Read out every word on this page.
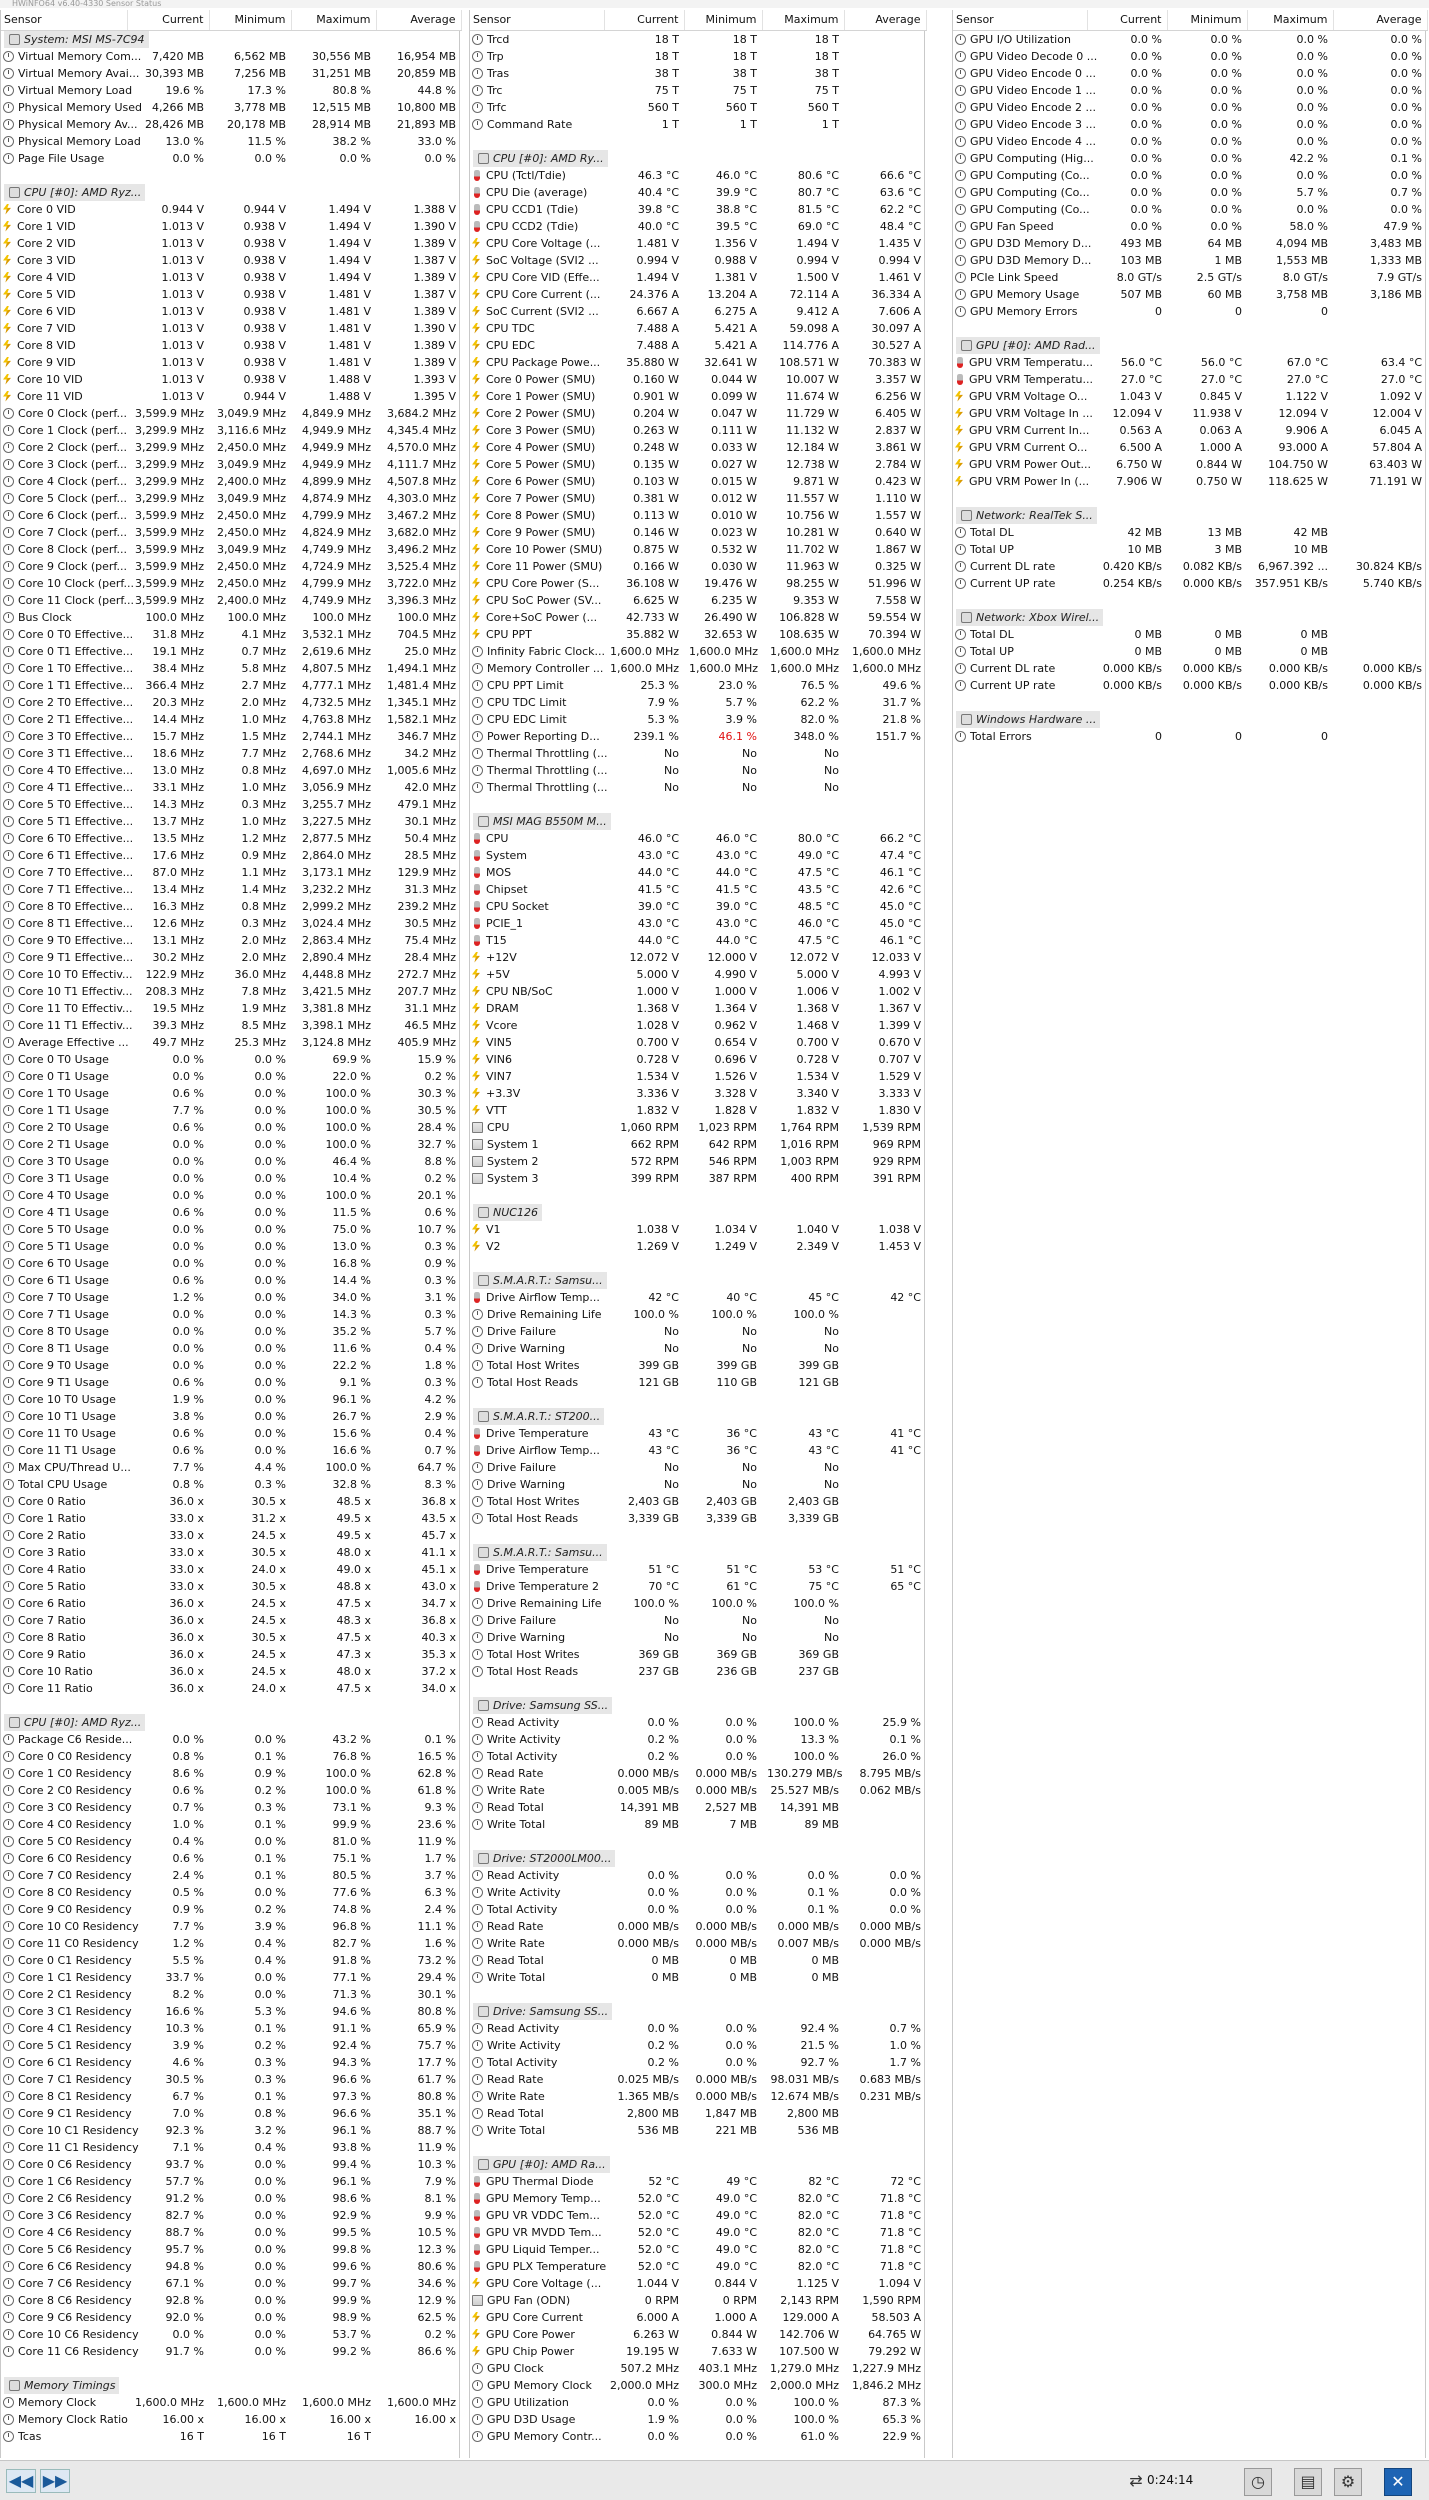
HWiNFO64 v6.40-4330 Sensor Status
Sensor	Current	Minimum	Maximum	Average
System: MSI MS-7C94				
Virtual Memory Com...	7,420 MB	6,562 MB	30,556 MB	16,954 MB
Virtual Memory Avai...	30,393 MB	7,256 MB	31,251 MB	20,859 MB
Virtual Memory Load	19.6 %	17.3 %	80.8 %	44.8 %
Physical Memory Used	4,266 MB	3,778 MB	12,515 MB	10,800 MB
Physical Memory Av...	28,426 MB	20,178 MB	28,914 MB	21,893 MB
Physical Memory Load	13.0 %	11.5 %	38.2 %	33.0 %
Page File Usage	0.0 %	0.0 %	0.0 %	0.0 %

CPU [#0]: AMD Ryz...				
Core 0 VID	0.944 V	0.944 V	1.494 V	1.388 V
Core 1 VID	1.013 V	0.938 V	1.494 V	1.390 V
Core 2 VID	1.013 V	0.938 V	1.494 V	1.389 V
Core 3 VID	1.013 V	0.938 V	1.494 V	1.387 V
Core 4 VID	1.013 V	0.938 V	1.494 V	1.389 V
Core 5 VID	1.013 V	0.938 V	1.481 V	1.387 V
Core 6 VID	1.013 V	0.938 V	1.481 V	1.389 V
Core 7 VID	1.013 V	0.938 V	1.481 V	1.390 V
Core 8 VID	1.013 V	0.938 V	1.481 V	1.389 V
Core 9 VID	1.013 V	0.938 V	1.481 V	1.389 V
Core 10 VID	1.013 V	0.938 V	1.488 V	1.393 V
Core 11 VID	1.013 V	0.944 V	1.488 V	1.395 V
Core 0 Clock (perf...	3,599.9 MHz	3,049.9 MHz	4,849.9 MHz	3,684.2 MHz
Core 1 Clock (perf...	3,299.9 MHz	3,116.6 MHz	4,949.9 MHz	4,345.4 MHz
Core 2 Clock (perf...	3,299.9 MHz	2,450.0 MHz	4,949.9 MHz	4,570.0 MHz
Core 3 Clock (perf...	3,299.9 MHz	3,049.9 MHz	4,949.9 MHz	4,111.7 MHz
Core 4 Clock (perf...	3,299.9 MHz	2,400.0 MHz	4,899.9 MHz	4,507.8 MHz
Core 5 Clock (perf...	3,299.9 MHz	3,049.9 MHz	4,874.9 MHz	4,303.0 MHz
Core 6 Clock (perf...	3,599.9 MHz	2,450.0 MHz	4,799.9 MHz	3,467.2 MHz
Core 7 Clock (perf...	3,599.9 MHz	2,450.0 MHz	4,824.9 MHz	3,682.0 MHz
Core 8 Clock (perf...	3,599.9 MHz	3,049.9 MHz	4,749.9 MHz	3,496.2 MHz
Core 9 Clock (perf...	3,599.9 MHz	2,450.0 MHz	4,724.9 MHz	3,525.4 MHz
Core 10 Clock (perf...	3,599.9 MHz	2,450.0 MHz	4,799.9 MHz	3,722.0 MHz
Core 11 Clock (perf...	3,599.9 MHz	2,400.0 MHz	4,749.9 MHz	3,396.3 MHz
Bus Clock	100.0 MHz	100.0 MHz	100.0 MHz	100.0 MHz
Core 0 T0 Effective...	31.8 MHz	4.1 MHz	3,532.1 MHz	704.5 MHz
Core 0 T1 Effective...	19.1 MHz	0.7 MHz	2,619.6 MHz	25.0 MHz
Core 1 T0 Effective...	38.4 MHz	5.8 MHz	4,807.5 MHz	1,494.1 MHz
Core 1 T1 Effective...	366.4 MHz	2.7 MHz	4,777.1 MHz	1,481.4 MHz
Core 2 T0 Effective...	20.3 MHz	2.0 MHz	4,732.5 MHz	1,345.1 MHz
Core 2 T1 Effective...	14.4 MHz	1.0 MHz	4,763.8 MHz	1,582.1 MHz
Core 3 T0 Effective...	15.7 MHz	1.5 MHz	2,744.1 MHz	346.7 MHz
Core 3 T1 Effective...	18.6 MHz	7.7 MHz	2,768.6 MHz	34.2 MHz
Core 4 T0 Effective...	13.0 MHz	0.8 MHz	4,697.0 MHz	1,005.6 MHz
Core 4 T1 Effective...	33.1 MHz	1.0 MHz	3,056.9 MHz	42.0 MHz
Core 5 T0 Effective...	14.3 MHz	0.3 MHz	3,255.7 MHz	479.1 MHz
Core 5 T1 Effective...	13.7 MHz	1.0 MHz	3,227.5 MHz	30.1 MHz
Core 6 T0 Effective...	13.5 MHz	1.2 MHz	2,877.5 MHz	50.4 MHz
Core 6 T1 Effective...	17.6 MHz	0.9 MHz	2,864.0 MHz	28.5 MHz
Core 7 T0 Effective...	87.0 MHz	1.1 MHz	3,173.1 MHz	129.9 MHz
Core 7 T1 Effective...	13.4 MHz	1.4 MHz	3,232.2 MHz	31.3 MHz
Core 8 T0 Effective...	16.3 MHz	0.8 MHz	2,999.2 MHz	239.2 MHz
Core 8 T1 Effective...	12.6 MHz	0.3 MHz	3,024.4 MHz	30.5 MHz
Core 9 T0 Effective...	13.1 MHz	2.0 MHz	2,863.4 MHz	75.4 MHz
Core 9 T1 Effective...	30.2 MHz	2.0 MHz	2,890.4 MHz	28.4 MHz
Core 10 T0 Effectiv...	122.9 MHz	36.0 MHz	4,448.8 MHz	272.7 MHz
Core 10 T1 Effectiv...	208.3 MHz	7.8 MHz	3,421.5 MHz	207.7 MHz
Core 11 T0 Effectiv...	19.5 MHz	1.9 MHz	3,381.8 MHz	31.1 MHz
Core 11 T1 Effectiv...	39.3 MHz	8.5 MHz	3,398.1 MHz	46.5 MHz
Average Effective ...	49.7 MHz	25.3 MHz	3,124.8 MHz	405.9 MHz
Core 0 T0 Usage	0.0 %	0.0 %	69.9 %	15.9 %
Core 0 T1 Usage	0.0 %	0.0 %	22.0 %	0.2 %
Core 1 T0 Usage	0.6 %	0.0 %	100.0 %	30.3 %
Core 1 T1 Usage	7.7 %	0.0 %	100.0 %	30.5 %
Core 2 T0 Usage	0.6 %	0.0 %	100.0 %	28.4 %
Core 2 T1 Usage	0.0 %	0.0 %	100.0 %	32.7 %
Core 3 T0 Usage	0.0 %	0.0 %	46.4 %	8.8 %
Core 3 T1 Usage	0.0 %	0.0 %	10.4 %	0.2 %
Core 4 T0 Usage	0.0 %	0.0 %	100.0 %	20.1 %
Core 4 T1 Usage	0.6 %	0.0 %	11.5 %	0.6 %
Core 5 T0 Usage	0.0 %	0.0 %	75.0 %	10.7 %
Core 5 T1 Usage	0.0 %	0.0 %	13.0 %	0.3 %
Core 6 T0 Usage	0.0 %	0.0 %	16.8 %	0.9 %
Core 6 T1 Usage	0.6 %	0.0 %	14.4 %	0.3 %
Core 7 T0 Usage	1.2 %	0.0 %	34.0 %	3.1 %
Core 7 T1 Usage	0.0 %	0.0 %	14.3 %	0.3 %
Core 8 T0 Usage	0.0 %	0.0 %	35.2 %	5.7 %
Core 8 T1 Usage	0.0 %	0.0 %	11.6 %	0.4 %
Core 9 T0 Usage	0.0 %	0.0 %	22.2 %	1.8 %
Core 9 T1 Usage	0.6 %	0.0 %	9.1 %	0.3 %
Core 10 T0 Usage	1.9 %	0.0 %	96.1 %	4.2 %
Core 10 T1 Usage	3.8 %	0.0 %	26.7 %	2.9 %
Core 11 T0 Usage	0.6 %	0.0 %	15.6 %	0.4 %
Core 11 T1 Usage	0.6 %	0.0 %	16.6 %	0.7 %
Max CPU/Thread U...	7.7 %	4.4 %	100.0 %	64.7 %
Total CPU Usage	0.8 %	0.3 %	32.8 %	8.3 %
Core 0 Ratio	36.0 x	30.5 x	48.5 x	36.8 x
Core 1 Ratio	33.0 x	31.2 x	49.5 x	43.5 x
Core 2 Ratio	33.0 x	24.5 x	49.5 x	45.7 x
Core 3 Ratio	33.0 x	30.5 x	48.0 x	41.1 x
Core 4 Ratio	33.0 x	24.0 x	49.0 x	45.1 x
Core 5 Ratio	33.0 x	30.5 x	48.8 x	43.0 x
Core 6 Ratio	36.0 x	24.5 x	47.5 x	34.7 x
Core 7 Ratio	36.0 x	24.5 x	48.3 x	36.8 x
Core 8 Ratio	36.0 x	30.5 x	47.5 x	40.3 x
Core 9 Ratio	36.0 x	24.5 x	47.3 x	35.3 x
Core 10 Ratio	36.0 x	24.5 x	48.0 x	37.2 x
Core 11 Ratio	36.0 x	24.0 x	47.5 x	34.0 x

CPU [#0]: AMD Ryz...				
Package C6 Reside...	0.0 %	0.0 %	43.2 %	0.1 %
Core 0 C0 Residency	0.8 %	0.1 %	76.8 %	16.5 %
Core 1 C0 Residency	8.6 %	0.9 %	100.0 %	62.8 %
Core 2 C0 Residency	0.6 %	0.2 %	100.0 %	61.8 %
Core 3 C0 Residency	0.7 %	0.3 %	73.1 %	9.3 %
Core 4 C0 Residency	1.0 %	0.1 %	99.9 %	23.6 %
Core 5 C0 Residency	0.4 %	0.0 %	81.0 %	11.9 %
Core 6 C0 Residency	0.6 %	0.1 %	75.1 %	1.7 %
Core 7 C0 Residency	2.4 %	0.1 %	80.5 %	3.7 %
Core 8 C0 Residency	0.5 %	0.0 %	77.6 %	6.3 %
Core 9 C0 Residency	0.9 %	0.2 %	74.8 %	2.4 %
Core 10 C0 Residency	7.7 %	3.9 %	96.8 %	11.1 %
Core 11 C0 Residency	1.2 %	0.4 %	82.7 %	1.6 %
Core 0 C1 Residency	5.5 %	0.4 %	91.8 %	73.2 %
Core 1 C1 Residency	33.7 %	0.0 %	77.1 %	29.4 %
Core 2 C1 Residency	8.2 %	0.0 %	71.3 %	30.1 %
Core 3 C1 Residency	16.6 %	5.3 %	94.6 %	80.8 %
Core 4 C1 Residency	10.3 %	0.1 %	91.1 %	65.9 %
Core 5 C1 Residency	3.9 %	0.2 %	92.4 %	75.7 %
Core 6 C1 Residency	4.6 %	0.3 %	94.3 %	17.7 %
Core 7 C1 Residency	30.5 %	0.3 %	96.6 %	61.7 %
Core 8 C1 Residency	6.7 %	0.1 %	97.3 %	80.8 %
Core 9 C1 Residency	7.0 %	0.8 %	96.6 %	35.1 %
Core 10 C1 Residency	92.3 %	3.2 %	96.1 %	88.7 %
Core 11 C1 Residency	7.1 %	0.4 %	93.8 %	11.9 %
Core 0 C6 Residency	93.7 %	0.0 %	99.4 %	10.3 %
Core 1 C6 Residency	57.7 %	0.0 %	96.1 %	7.9 %
Core 2 C6 Residency	91.2 %	0.0 %	98.6 %	8.1 %
Core 3 C6 Residency	82.7 %	0.0 %	92.9 %	9.9 %
Core 4 C6 Residency	88.7 %	0.0 %	99.5 %	10.5 %
Core 5 C6 Residency	95.7 %	0.0 %	99.8 %	12.3 %
Core 6 C6 Residency	94.8 %	0.0 %	99.6 %	80.6 %
Core 7 C6 Residency	67.1 %	0.0 %	99.7 %	34.6 %
Core 8 C6 Residency	92.8 %	0.0 %	99.9 %	12.9 %
Core 9 C6 Residency	92.0 %	0.0 %	98.9 %	62.5 %
Core 10 C6 Residency	0.0 %	0.0 %	53.7 %	0.2 %
Core 11 C6 Residency	91.7 %	0.0 %	99.2 %	86.6 %

Memory Timings				
Memory Clock	1,600.0 MHz	1,600.0 MHz	1,600.0 MHz	1,600.0 MHz
Memory Clock Ratio	16.00 x	16.00 x	16.00 x	16.00 x
Tcas	16 T	16 T	16 T	
Sensor	Current	Minimum	Maximum	Average
Trcd	18 T	18 T	18 T	
Trp	18 T	18 T	18 T	
Tras	38 T	38 T	38 T	
Trc	75 T	75 T	75 T	
Trfc	560 T	560 T	560 T	
Command Rate	1 T	1 T	1 T	

CPU [#0]: AMD Ry...				
CPU (Tctl/Tdie)	46.3 °C	46.0 °C	80.6 °C	66.6 °C
CPU Die (average)	40.4 °C	39.9 °C	80.7 °C	63.6 °C
CPU CCD1 (Tdie)	39.8 °C	38.8 °C	81.5 °C	62.2 °C
CPU CCD2 (Tdie)	40.0 °C	39.5 °C	69.0 °C	48.4 °C
CPU Core Voltage (...	1.481 V	1.356 V	1.494 V	1.435 V
SoC Voltage (SVI2 ...	0.994 V	0.988 V	0.994 V	0.994 V
CPU Core VID (Effe...	1.494 V	1.381 V	1.500 V	1.461 V
CPU Core Current (...	24.376 A	13.204 A	72.114 A	36.334 A
SoC Current (SVI2 ...	6.667 A	6.275 A	9.412 A	7.606 A
CPU TDC	7.488 A	5.421 A	59.098 A	30.097 A
CPU EDC	7.488 A	5.421 A	114.776 A	30.527 A
CPU Package Powe...	35.880 W	32.641 W	108.571 W	70.383 W
Core 0 Power (SMU)	0.160 W	0.044 W	10.007 W	3.357 W
Core 1 Power (SMU)	0.901 W	0.099 W	11.674 W	6.256 W
Core 2 Power (SMU)	0.204 W	0.047 W	11.729 W	6.405 W
Core 3 Power (SMU)	0.263 W	0.111 W	11.132 W	2.837 W
Core 4 Power (SMU)	0.248 W	0.033 W	12.184 W	3.861 W
Core 5 Power (SMU)	0.135 W	0.027 W	12.738 W	2.784 W
Core 6 Power (SMU)	0.103 W	0.015 W	9.871 W	0.423 W
Core 7 Power (SMU)	0.381 W	0.012 W	11.557 W	1.110 W
Core 8 Power (SMU)	0.113 W	0.010 W	10.756 W	1.557 W
Core 9 Power (SMU)	0.146 W	0.023 W	10.281 W	0.640 W
Core 10 Power (SMU)	0.875 W	0.532 W	11.702 W	1.867 W
Core 11 Power (SMU)	0.166 W	0.030 W	11.963 W	0.325 W
CPU Core Power (S...	36.108 W	19.476 W	98.255 W	51.996 W
CPU SoC Power (SV...	6.625 W	6.235 W	9.353 W	7.558 W
Core+SoC Power (...	42.733 W	26.490 W	106.828 W	59.554 W
CPU PPT	35.882 W	32.653 W	108.635 W	70.394 W
Infinity Fabric Clock...	1,600.0 MHz	1,600.0 MHz	1,600.0 MHz	1,600.0 MHz
Memory Controller ...	1,600.0 MHz	1,600.0 MHz	1,600.0 MHz	1,600.0 MHz
CPU PPT Limit	25.3 %	23.0 %	76.5 %	49.6 %
CPU TDC Limit	7.9 %	5.7 %	62.2 %	31.7 %
CPU EDC Limit	5.3 %	3.9 %	82.0 %	21.8 %
Power Reporting D...	239.1 %	46.1 %	348.0 %	151.7 %
Thermal Throttling (...	No	No	No	
Thermal Throttling (...	No	No	No	
Thermal Throttling (...	No	No	No	

MSI MAG B550M M...				
CPU	46.0 °C	46.0 °C	80.0 °C	66.2 °C
System	43.0 °C	43.0 °C	49.0 °C	47.4 °C
MOS	44.0 °C	44.0 °C	47.5 °C	46.1 °C
Chipset	41.5 °C	41.5 °C	43.5 °C	42.6 °C
CPU Socket	39.0 °C	39.0 °C	48.5 °C	45.0 °C
PCIE_1	43.0 °C	43.0 °C	46.0 °C	45.0 °C
T15	44.0 °C	44.0 °C	47.5 °C	46.1 °C
+12V	12.072 V	12.000 V	12.072 V	12.033 V
+5V	5.000 V	4.990 V	5.000 V	4.993 V
CPU NB/SoC	1.000 V	1.000 V	1.006 V	1.002 V
DRAM	1.368 V	1.364 V	1.368 V	1.367 V
Vcore	1.028 V	0.962 V	1.468 V	1.399 V
VIN5	0.700 V	0.654 V	0.700 V	0.670 V
VIN6	0.728 V	0.696 V	0.728 V	0.707 V
VIN7	1.534 V	1.526 V	1.534 V	1.529 V
+3.3V	3.336 V	3.328 V	3.340 V	3.333 V
VTT	1.832 V	1.828 V	1.832 V	1.830 V
CPU	1,060 RPM	1,023 RPM	1,764 RPM	1,539 RPM
System 1	662 RPM	642 RPM	1,016 RPM	969 RPM
System 2	572 RPM	546 RPM	1,003 RPM	929 RPM
System 3	399 RPM	387 RPM	400 RPM	391 RPM

NUC126				
V1	1.038 V	1.034 V	1.040 V	1.038 V
V2	1.269 V	1.249 V	2.349 V	1.453 V

S.M.A.R.T.: Samsu...				
Drive Airflow Temp...	42 °C	40 °C	45 °C	42 °C
Drive Remaining Life	100.0 %	100.0 %	100.0 %	
Drive Failure	No	No	No	
Drive Warning	No	No	No	
Total Host Writes	399 GB	399 GB	399 GB	
Total Host Reads	121 GB	110 GB	121 GB	

S.M.A.R.T.: ST200...				
Drive Temperature	43 °C	36 °C	43 °C	41 °C
Drive Airflow Temp...	43 °C	36 °C	43 °C	41 °C
Drive Failure	No	No	No	
Drive Warning	No	No	No	
Total Host Writes	2,403 GB	2,403 GB	2,403 GB	
Total Host Reads	3,339 GB	3,339 GB	3,339 GB	

S.M.A.R.T.: Samsu...				
Drive Temperature	51 °C	51 °C	53 °C	51 °C
Drive Temperature 2	70 °C	61 °C	75 °C	65 °C
Drive Remaining Life	100.0 %	100.0 %	100.0 %	
Drive Failure	No	No	No	
Drive Warning	No	No	No	
Total Host Writes	369 GB	369 GB	369 GB	
Total Host Reads	237 GB	236 GB	237 GB	

Drive: Samsung SS...				
Read Activity	0.0 %	0.0 %	100.0 %	25.9 %
Write Activity	0.2 %	0.0 %	13.3 %	0.1 %
Total Activity	0.2 %	0.0 %	100.0 %	26.0 %
Read Rate	0.000 MB/s	0.000 MB/s	130.279 MB/s	8.795 MB/s
Write Rate	0.005 MB/s	0.000 MB/s	25.527 MB/s	0.062 MB/s
Read Total	14,391 MB	2,527 MB	14,391 MB	
Write Total	89 MB	7 MB	89 MB	

Drive: ST2000LM00...				
Read Activity	0.0 %	0.0 %	0.0 %	0.0 %
Write Activity	0.0 %	0.0 %	0.1 %	0.0 %
Total Activity	0.0 %	0.0 %	0.1 %	0.0 %
Read Rate	0.000 MB/s	0.000 MB/s	0.000 MB/s	0.000 MB/s
Write Rate	0.000 MB/s	0.000 MB/s	0.007 MB/s	0.000 MB/s
Read Total	0 MB	0 MB	0 MB	
Write Total	0 MB	0 MB	0 MB	

Drive: Samsung SS...				
Read Activity	0.0 %	0.0 %	92.4 %	0.7 %
Write Activity	0.2 %	0.0 %	21.5 %	1.0 %
Total Activity	0.2 %	0.0 %	92.7 %	1.7 %
Read Rate	0.025 MB/s	0.000 MB/s	98.031 MB/s	0.683 MB/s
Write Rate	1.365 MB/s	0.000 MB/s	12.674 MB/s	0.231 MB/s
Read Total	2,800 MB	1,847 MB	2,800 MB	
Write Total	536 MB	221 MB	536 MB	

GPU [#0]: AMD Ra...				
GPU Thermal Diode	52 °C	49 °C	82 °C	72 °C
GPU Memory Temp...	52.0 °C	49.0 °C	82.0 °C	71.8 °C
GPU VR VDDC Tem...	52.0 °C	49.0 °C	82.0 °C	71.8 °C
GPU VR MVDD Tem...	52.0 °C	49.0 °C	82.0 °C	71.8 °C
GPU Liquid Temper...	52.0 °C	49.0 °C	82.0 °C	71.8 °C
GPU PLX Temperature	52.0 °C	49.0 °C	82.0 °C	71.8 °C
GPU Core Voltage (...	1.044 V	0.844 V	1.125 V	1.094 V
GPU Fan (ODN)	0 RPM	0 RPM	2,143 RPM	1,590 RPM
GPU Core Current	6.000 A	1.000 A	129.000 A	58.503 A
GPU Core Power	6.263 W	0.844 W	142.706 W	64.765 W
GPU Chip Power	19.195 W	7.633 W	107.500 W	79.292 W
GPU Clock	507.2 MHz	403.1 MHz	1,279.0 MHz	1,227.9 MHz
GPU Memory Clock	2,000.0 MHz	300.0 MHz	2,000.0 MHz	1,846.2 MHz
GPU Utilization	0.0 %	0.0 %	100.0 %	87.3 %
GPU D3D Usage	1.9 %	0.0 %	100.0 %	65.3 %
GPU Memory Contr...	0.0 %	0.0 %	61.0 %	22.9 %
Sensor	Current	Minimum	Maximum	Average
GPU I/O Utilization	0.0 %	0.0 %	0.0 %	0.0 %
GPU Video Decode 0 ...	0.0 %	0.0 %	0.0 %	0.0 %
GPU Video Encode 0 ...	0.0 %	0.0 %	0.0 %	0.0 %
GPU Video Encode 1 ...	0.0 %	0.0 %	0.0 %	0.0 %
GPU Video Encode 2 ...	0.0 %	0.0 %	0.0 %	0.0 %
GPU Video Encode 3 ...	0.0 %	0.0 %	0.0 %	0.0 %
GPU Video Encode 4 ...	0.0 %	0.0 %	0.0 %	0.0 %
GPU Computing (Hig...	0.0 %	0.0 %	42.2 %	0.1 %
GPU Computing (Co...	0.0 %	0.0 %	0.0 %	0.0 %
GPU Computing (Co...	0.0 %	0.0 %	5.7 %	0.7 %
GPU Computing (Co...	0.0 %	0.0 %	0.0 %	0.0 %
GPU Fan Speed	0.0 %	0.0 %	58.0 %	47.9 %
GPU D3D Memory D...	493 MB	64 MB	4,094 MB	3,483 MB
GPU D3D Memory D...	103 MB	1 MB	1,553 MB	1,333 MB
PCIe Link Speed	8.0 GT/s	2.5 GT/s	8.0 GT/s	7.9 GT/s
GPU Memory Usage	507 MB	60 MB	3,758 MB	3,186 MB
GPU Memory Errors	0	0	0	

GPU [#0]: AMD Rad...				
GPU VRM Temperatu...	56.0 °C	56.0 °C	67.0 °C	63.4 °C
GPU VRM Temperatu...	27.0 °C	27.0 °C	27.0 °C	27.0 °C
GPU VRM Voltage O...	1.043 V	0.845 V	1.122 V	1.092 V
GPU VRM Voltage In ...	12.094 V	11.938 V	12.094 V	12.004 V
GPU VRM Current In...	0.563 A	0.063 A	9.906 A	6.045 A
GPU VRM Current O...	6.500 A	1.000 A	93.000 A	57.804 A
GPU VRM Power Out...	6.750 W	0.844 W	104.750 W	63.403 W
GPU VRM Power In (...	7.906 W	0.750 W	118.625 W	71.191 W

Network: RealTek S...				
Total DL	42 MB	13 MB	42 MB	
Total UP	10 MB	3 MB	10 MB	
Current DL rate	0.420 KB/s	0.082 KB/s	6,967.392 ...	30.824 KB/s
Current UP rate	0.254 KB/s	0.000 KB/s	357.951 KB/s	5.740 KB/s

Network: Xbox Wirel...				
Total DL	0 MB	0 MB	0 MB	
Total UP	0 MB	0 MB	0 MB	
Current DL rate	0.000 KB/s	0.000 KB/s	0.000 KB/s	0.000 KB/s
Current UP rate	0.000 KB/s	0.000 KB/s	0.000 KB/s	0.000 KB/s

Windows Hardware ...				
Total Errors	0	0	0	
◀◀ ▶▶	⇄ 0:24:14	◷	▤	⚙	✕
